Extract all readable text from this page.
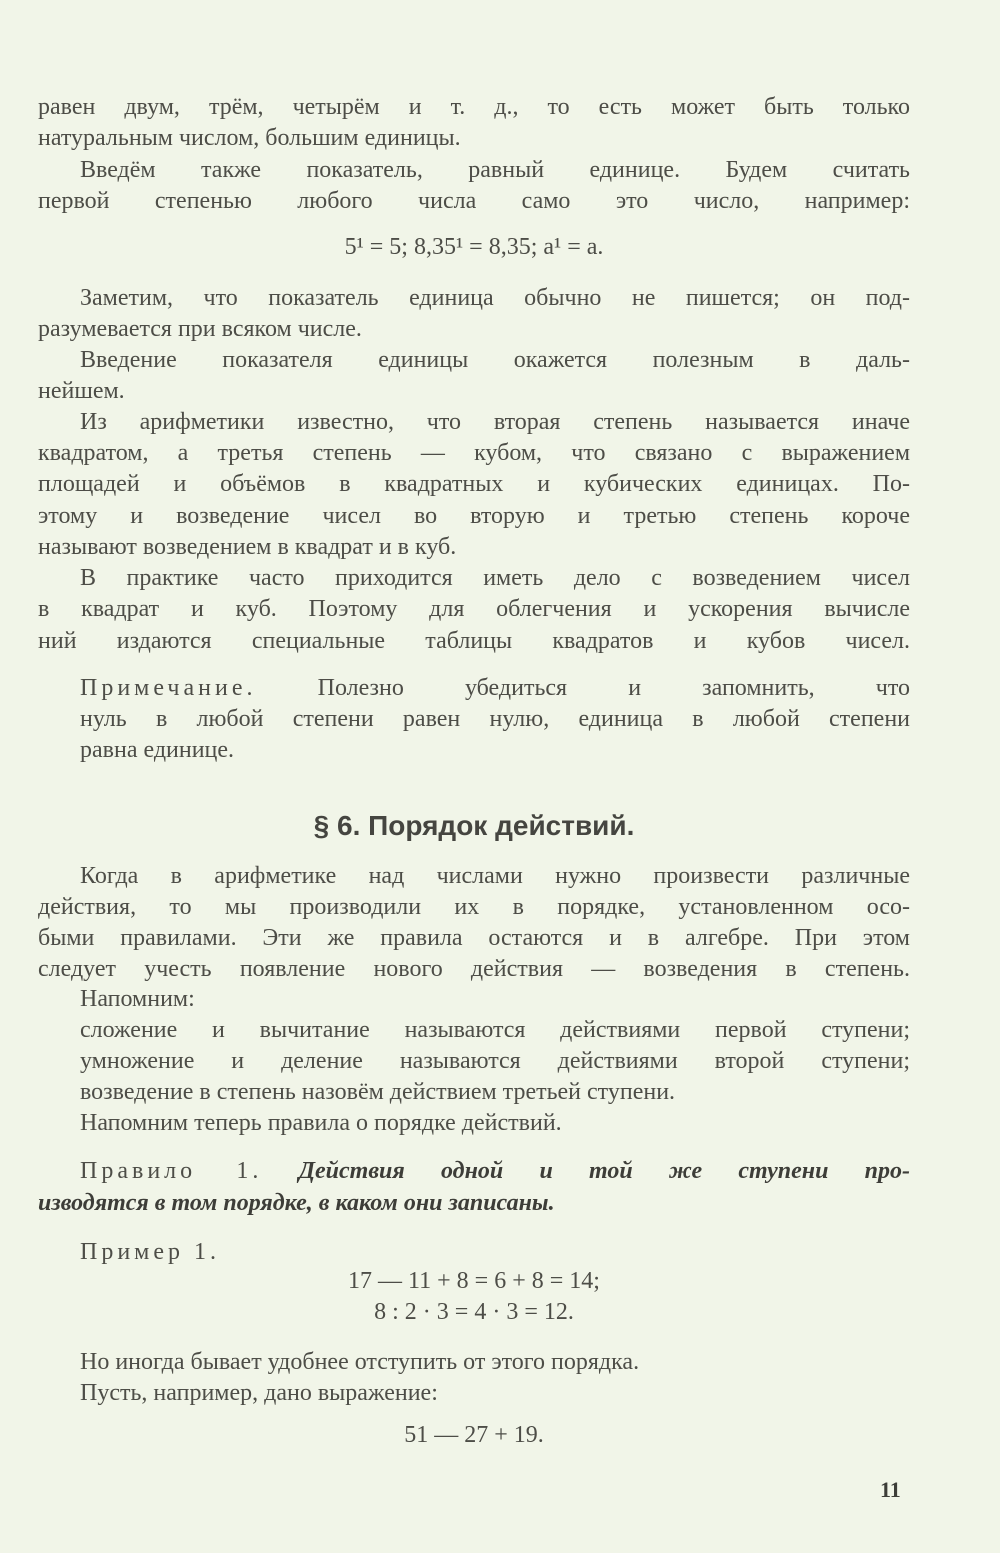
равен двум, трём, четырём и т. д., то есть может быть только
натуральным числом, большим единицы.
Введём также показатель, равный единице. Будем считать
первой степенью любого числа само это число, например:
5¹ = 5; 8,35¹ = 8,35; a¹ = a.
Заметим, что показатель единица обычно не пишется; он под-
разумевается при всяком числе.
Введение показателя единицы окажется полезным в даль-
нейшем.
Из арифметики известно, что вторая степень называется иначе
квадратом, а третья степень — кубом, что связано с выражением
площадей и объёмов в квадратных и кубических единицах. По-
этому и возведение чисел во вторую и третью степень короче
называют возведением в квадрат и в куб.
В практике часто приходится иметь дело с возведением чисел
в квадрат и куб. Поэтому для облегчения и ускорения вычисле
ний издаются специальные таблицы квадратов и кубов чисел.
Примечание.	Полезно убедиться и запомнить, что
нуль в любой степени равен нулю, единица в любой степени
равна единице.
§ 6. Порядок действий.
Когда в арифметике над числами нужно произвести различные
действия, то мы производили их в порядке, установленном осо-
быми правилами. Эти же правила остаются и в алгебре. При этом
следует учесть появление нового действия — возведения в степень.
Напомним:
сложение и вычитание называются действиями первой ступени;
умножение и деление называются действиями второй ступени;
возведение в степень назовём действием третьей ступени.
Напомним теперь правила о порядке действий.
Правило 1. Действия одной и той же ступени про-
изводятся в том порядке, в каком они записаны.
Пример 1.
17 — 11 + 8 = 6 + 8 = 14;
8 : 2 · 3 = 4 · 3 = 12.
Но иногда бывает удобнее отступить от этого порядка.
Пусть, например, дано выражение:
51 — 27 + 19.
11
